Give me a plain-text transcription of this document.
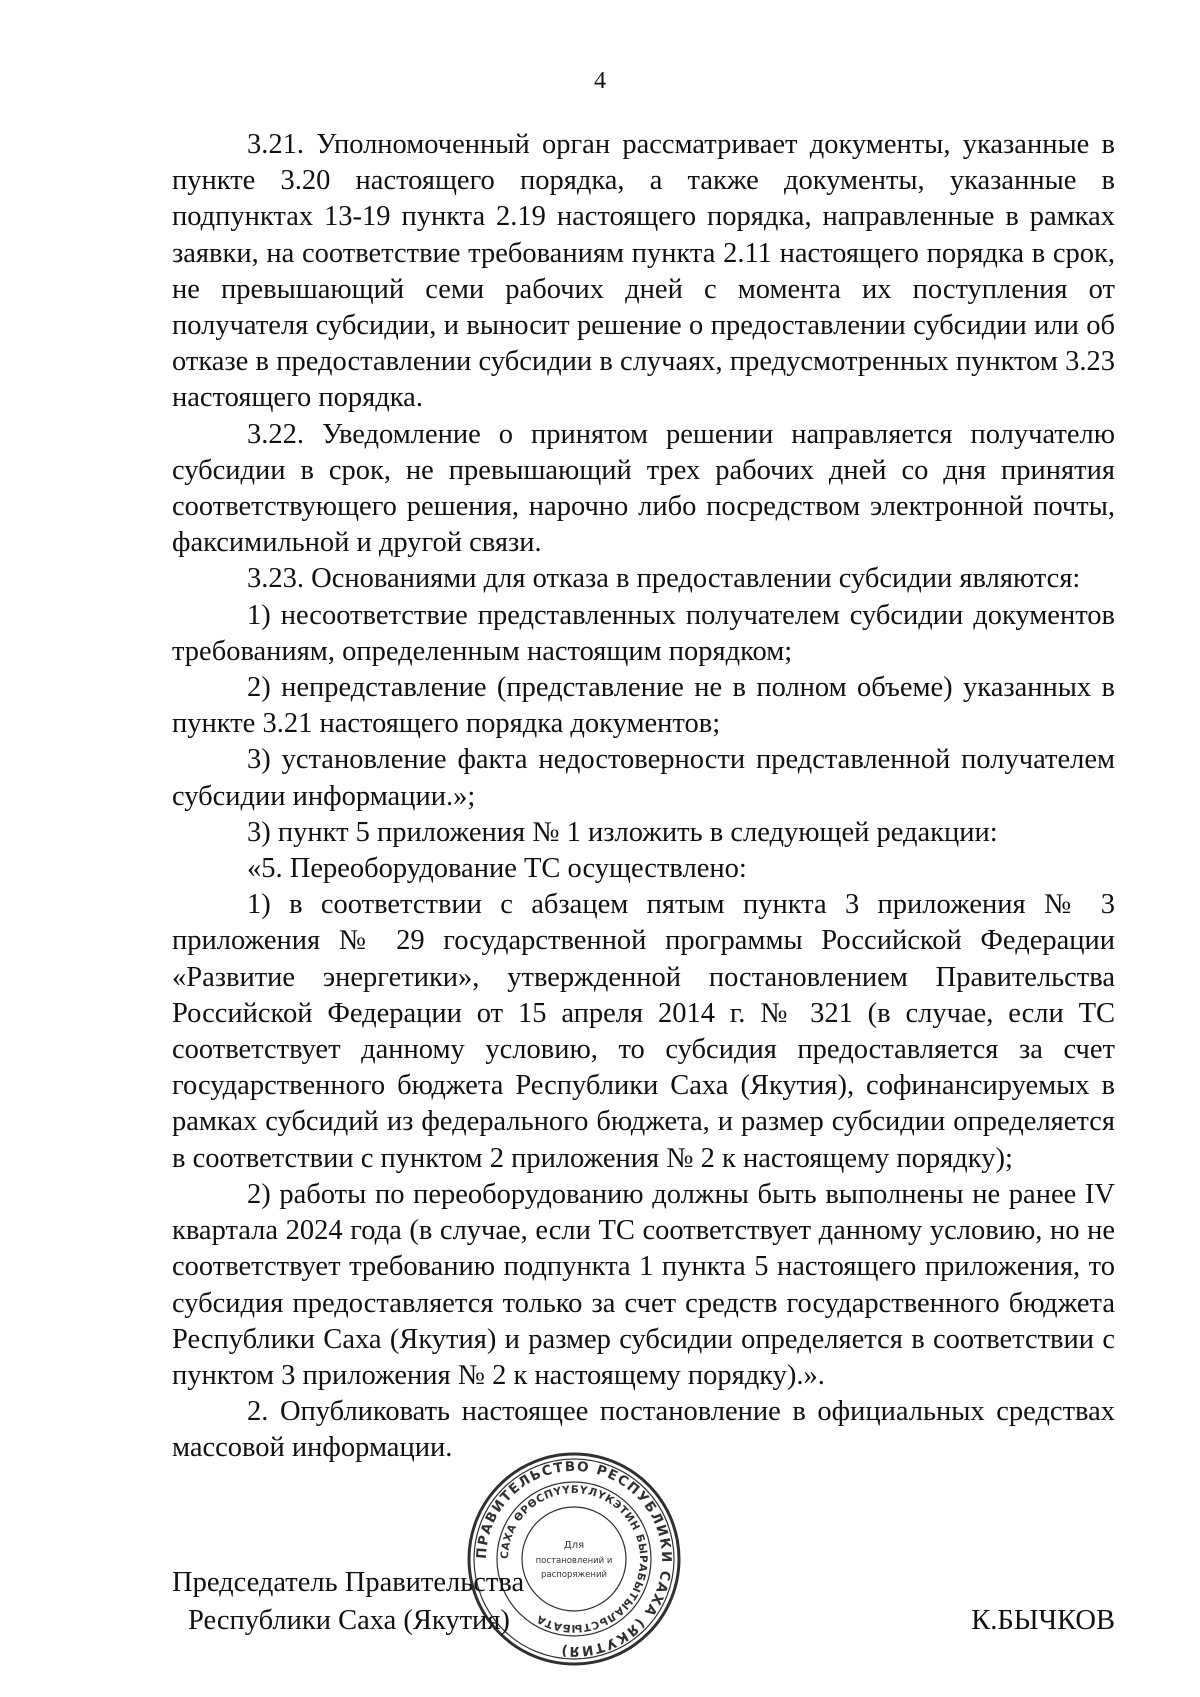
4

3.21. Уполномоченный орган рассматривает документы, указанные в пункте 3.20 настоящего порядка, а также документы, указанные в подпунктах 13-19 пункта 2.19 настоящего порядка, направленные в рамках заявки, на соответствие требованиям пункта 2.11 настоящего порядка в срок, не превышающий семи рабочих дней с момента их поступления от получателя субсидии, и выносит решение о предоставлении субсидии или об отказе в предоставлении субсидии в случаях, предусмотренных пунктом 3.23 настоящего порядка.

3.22. Уведомление о принятом решении направляется получателю субсидии в срок, не превышающий трех рабочих дней со дня принятия соответствующего решения, нарочно либо посредством электронной почты, факсимильной и другой связи.

3.23. Основаниями для отказа в предоставлении субсидии являются:

1) несоответствие представленных получателем субсидии документов требованиям, определенным настоящим порядком;

2) непредставление (представление не в полном объеме) указанных в пункте 3.21 настоящего порядка документов;

3) установление факта недостоверности представленной получателем субсидии информации.»;

3) пункт 5 приложения № 1 изложить в следующей редакции:

«5. Переоборудование ТС осуществлено:

1) в соответствии с абзацем пятым пункта 3 приложения № 3 приложения № 29 государственной программы Российской Федерации «Развитие энергетики», утвержденной постановлением Правительства Российской Федерации от 15 апреля 2014 г. № 321 (в случае, если ТС соответствует данному условию, то субсидия предоставляется за счет государственного бюджета Республики Саха (Якутия), софинансируемых в рамках субсидий из федерального бюджета, и размер субсидии определяется в соответствии с пунктом 2 приложения № 2 к настоящему порядку);

2) работы по переоборудованию должны быть выполнены не ранее IV квартала 2024 года (в случае, если ТС соответствует данному условию, но не соответствует требованию подпункта 1 пункта 5 настоящего приложения, то субсидия предоставляется только за счет средств государственного бюджета Республики Саха (Якутия) и размер субсидии определяется в соответствии с пунктом 3 приложения № 2 к настоящему порядку).».

2. Опубликовать настоящее постановление в официальных средствах массовой информации.

Председатель Правительства
Республики Саха (Якутия)	К.БЫЧКОВ
ПРАВИТЕЛЬСТВО РЕСПУБЛИКИ САХА (ЯКУТИЯ)
САХА ӨРӨСПҮҮБҮЛҮКЭТИН БЫРАБЫТЫАЛЬСТЫБАТА
Для
постановлений и
распоряжений
